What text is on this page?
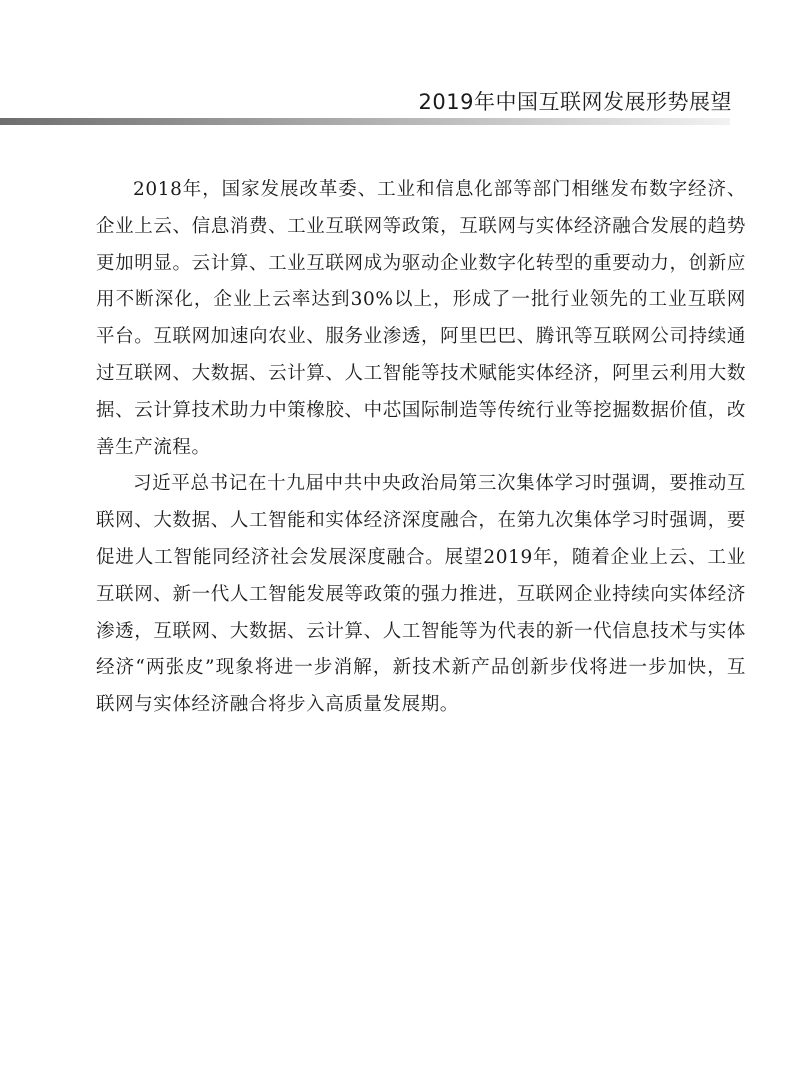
2019年中国互联网发展形势展望

2018年，国家发展改革委、工业和信息化部等部门相继发布数字经济、企业上云、信息消费、工业互联网等政策，互联网与实体经济融合发展的趋势更加明显。云计算、工业互联网成为驱动企业数字化转型的重要动力，创新应用不断深化，企业上云率达到30%以上，形成了一批行业领先的工业互联网平台。互联网加速向农业、服务业渗透，阿里巴巴、腾讯等互联网公司持续通过互联网、大数据、云计算、人工智能等技术赋能实体经济，阿里云利用大数据、云计算技术助力中策橡胶、中芯国际制造等传统行业等挖掘数据价值，改善生产流程。

习近平总书记在十九届中共中央政治局第三次集体学习时强调，要推动互联网、大数据、人工智能和实体经济深度融合，在第九次集体学习时强调，要促进人工智能同经济社会发展深度融合。展望2019年，随着企业上云、工业互联网、新一代人工智能发展等政策的强力推进，互联网企业持续向实体经济渗透，互联网、大数据、云计算、人工智能等为代表的新一代信息技术与实体经济“两张皮”现象将进一步消解，新技术新产品创新步伐将进一步加快，互联网与实体经济融合将步入高质量发展期。
